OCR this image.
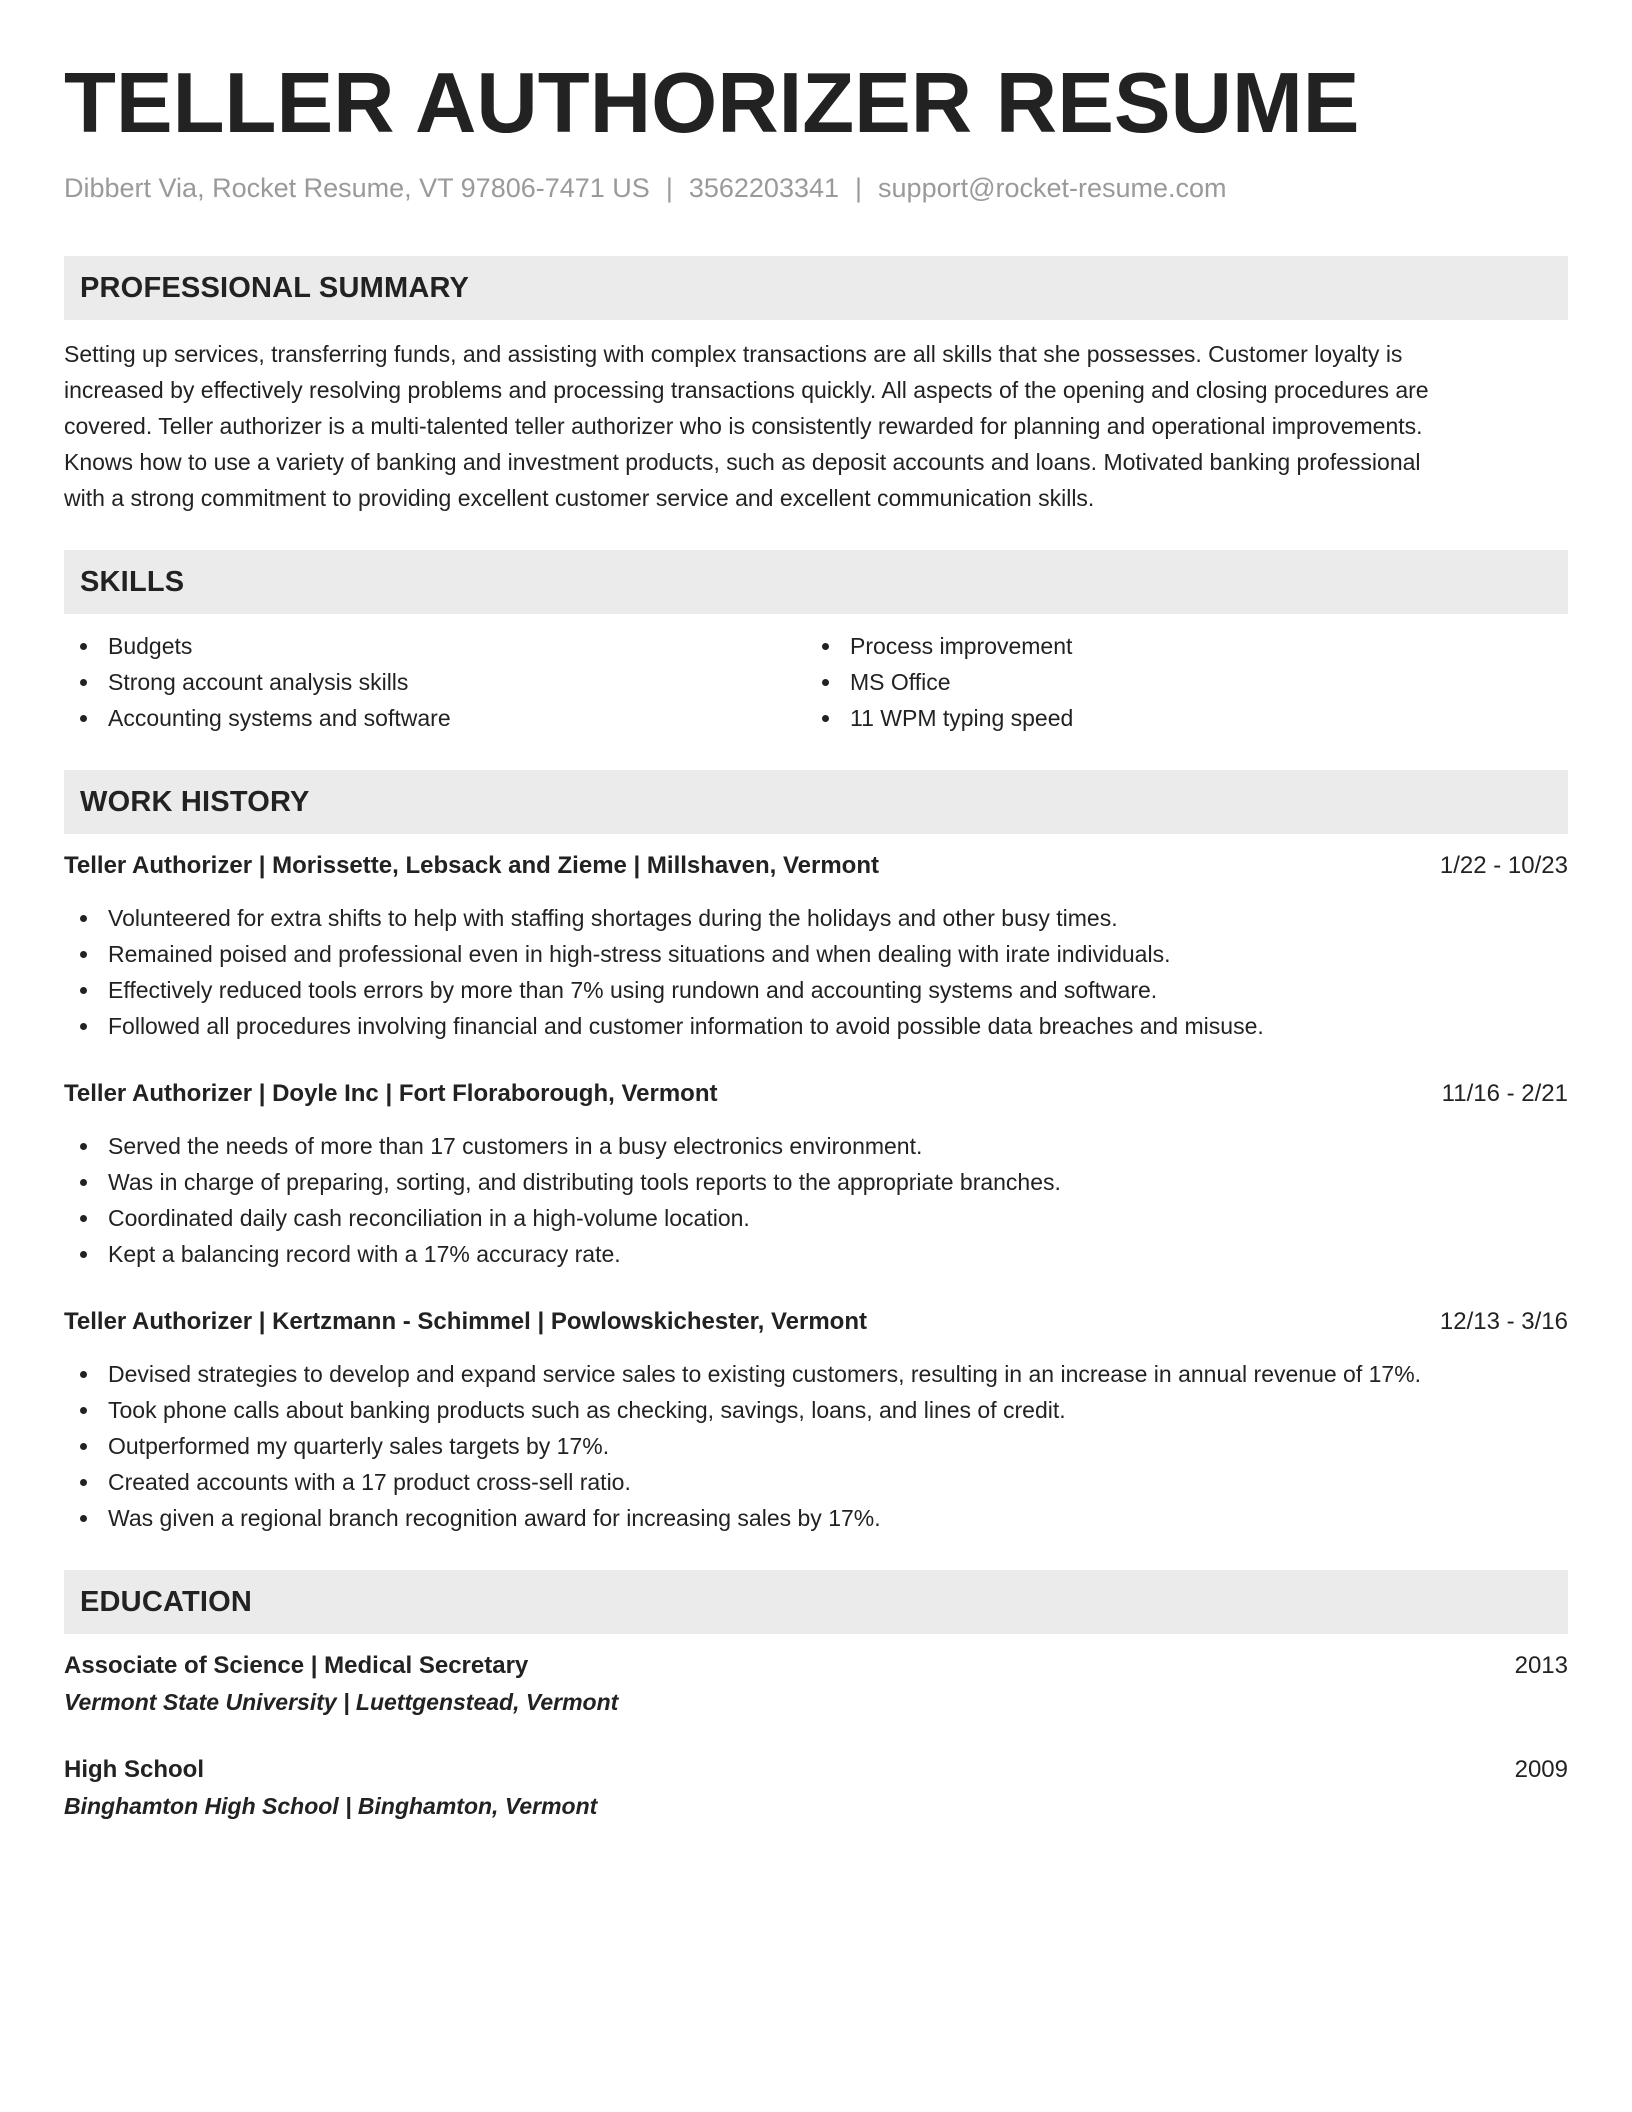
TELLER AUTHORIZER RESUME
Dibbert Via, Rocket Resume, VT 97806-7471 US | 3562203341 | support@rocket-resume.com
PROFESSIONAL SUMMARY
Setting up services, transferring funds, and assisting with complex transactions are all skills that she possesses. Customer loyalty is
increased by effectively resolving problems and processing transactions quickly. All aspects of the opening and closing procedures are
covered. Teller authorizer is a multi-talented teller authorizer who is consistently rewarded for planning and operational improvements.
Knows how to use a variety of banking and investment products, such as deposit accounts and loans. Motivated banking professional
with a strong commitment to providing excellent customer service and excellent communication skills.
SKILLS
Budgets
Strong account analysis skills
Accounting systems and software
Process improvement
MS Office
11 WPM typing speed
WORK HISTORY
Teller Authorizer | Morissette, Lebsack and Zieme | Millshaven, Vermont	1/22 - 10/23
Volunteered for extra shifts to help with staffing shortages during the holidays and other busy times.
Remained poised and professional even in high-stress situations and when dealing with irate individuals.
Effectively reduced tools errors by more than 7% using rundown and accounting systems and software.
Followed all procedures involving financial and customer information to avoid possible data breaches and misuse.
Teller Authorizer | Doyle Inc | Fort Floraborough, Vermont	11/16 - 2/21
Served the needs of more than 17 customers in a busy electronics environment.
Was in charge of preparing, sorting, and distributing tools reports to the appropriate branches.
Coordinated daily cash reconciliation in a high-volume location.
Kept a balancing record with a 17% accuracy rate.
Teller Authorizer | Kertzmann - Schimmel | Powlowskichester, Vermont	12/13 - 3/16
Devised strategies to develop and expand service sales to existing customers, resulting in an increase in annual revenue of 17%.
Took phone calls about banking products such as checking, savings, loans, and lines of credit.
Outperformed my quarterly sales targets by 17%.
Created accounts with a 17 product cross-sell ratio.
Was given a regional branch recognition award for increasing sales by 17%.
EDUCATION
Associate of Science | Medical Secretary	2013
Vermont State University | Luettgenstead, Vermont
High School	2009
Binghamton High School | Binghamton, Vermont
